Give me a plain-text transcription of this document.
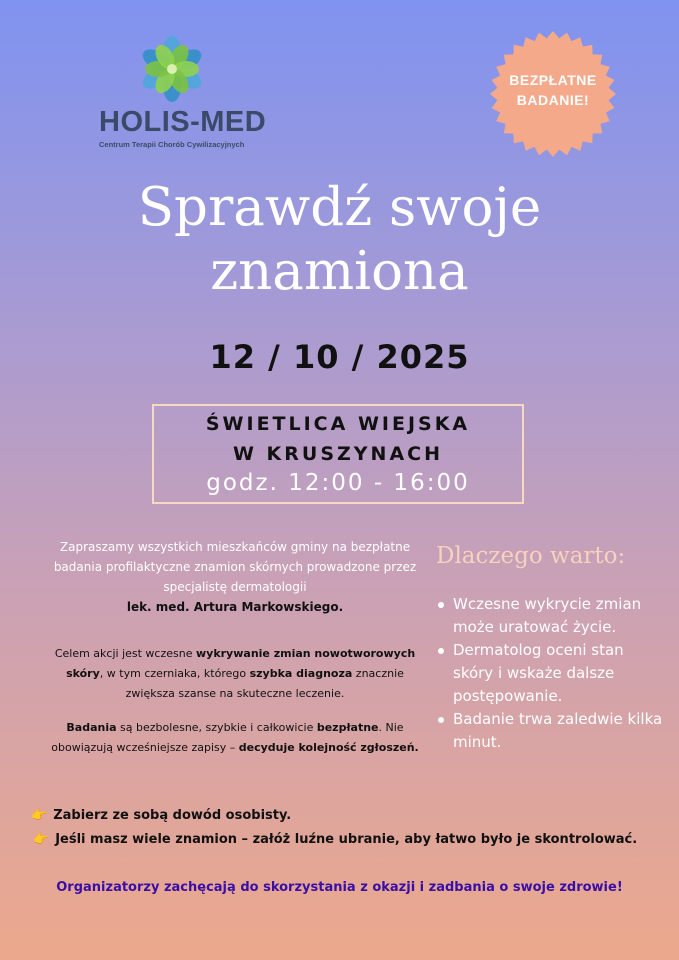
HOLIS-MED
Centrum Terapii Chorób Cywilizacyjnych
BEZPŁATNE
BADANIE!
Sprawdź swoje
znamiona
12 / 10 / 2025
ŚWIETLICA WIEJSKA
W KRUSZYNACH
godz. 12:00 - 16:00
Zapraszamy wszystkich mieszkańców gminy na bezpłatne badania profilaktyczne znamion skórnych prowadzone przez specjalistę dermatologii
lek. med. Artura Markowskiego.
Celem akcji jest wczesne wykrywanie zmian nowotworowych skóry, w tym czerniaka, którego szybka diagnoza znacznie zwiększa szanse na skuteczne leczenie.
Badania są bezbolesne, szybkie i całkowicie bezpłatne. Nie obowiązują wcześniejsze zapisy – decyduje kolejność zgłoszeń.
Dlaczego warto:
Wczesne wykrycie zmian może uratować życie.
Dermatolog oceni stan skóry i wskaże dalsze postępowanie.
Badanie trwa zaledwie kilka minut.
👉 Zabierz ze sobą dowód osobisty.
👉 Jeśli masz wiele znamion – załóż luźne ubranie, aby łatwo było je skontrolować.
Organizatorzy zachęcają do skorzystania z okazji i zadbania o swoje zdrowie!
